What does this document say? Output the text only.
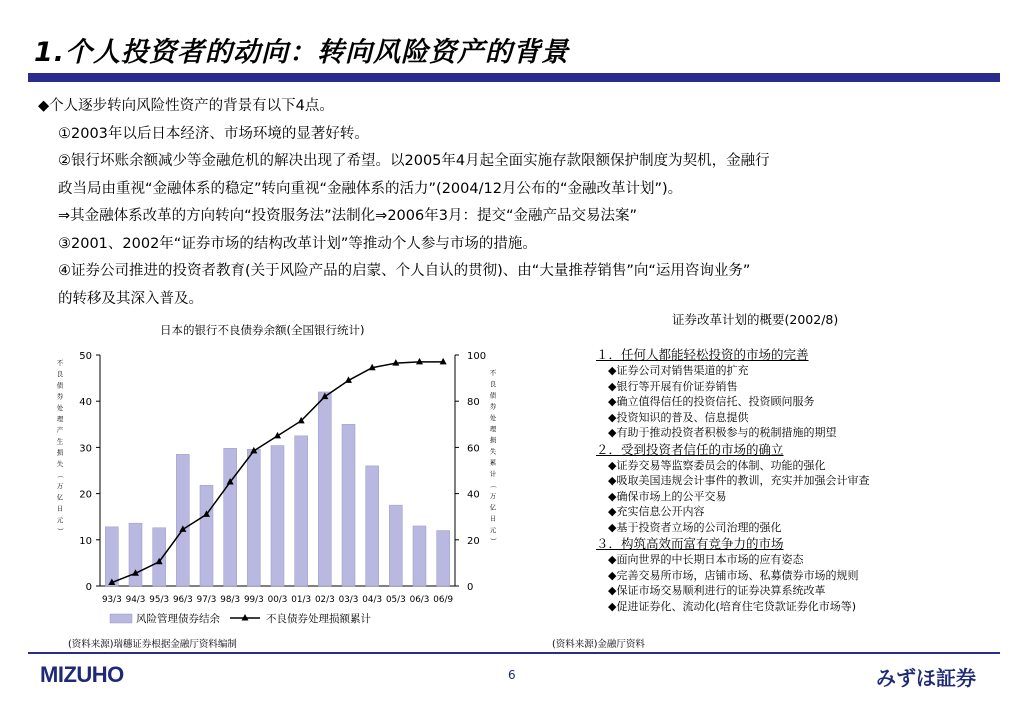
1.个人投资者的动向：转向风险资产的背景
◆个人逐步转向风险性资产的背景有以下4点。
①2003年以后日本经济、市场环境的显著好转。
②银行坏账余额减少等金融危机的解决出现了希望。以2005年4月起全面实施存款限额保护制度为契机，金融行
政当局由重视“金融体系的稳定”转向重视“金融体系的活力”(2004/12月公布的“金融改革计划”)。
⇒其金融体系改革的方向转向“投资服务法”法制化⇒2006年3月：提交“金融产品交易法案”
③2001、2002年“证券市场的结构改革计划”等推动个人参与市场的措施。
④证券公司推进的投资者教育(关于风险产品的启蒙、个人自认的贯彻)、由“大量推荐销售”向“运用咨询业务”
的转移及其深入普及。
日本的银行不良债券余额(全国银行统计)
0
10
20
30
40
50
0
20
40
60
80
100
不
良
债
券
处
理
产
生
损
失
（
万
亿
日
元
）
不
良
债
券
处
理
损
失
累
计
（
万
亿
日
元
）
93/3 94/3 95/3 96/3 97/3 98/3 99/3 00/3 01/3 02/3 03/3 04/3 05/3 06/3 06/9
风险管理债券结余	不良债券处理损额累计
证券改革计划的概要(2002/8)
１．任何人都能轻松投资的市场的完善
◆证券公司对销售渠道的扩充
◆银行等开展有价证券销售
◆确立值得信任的投资信托、投资顾问服务
◆投资知识的普及、信息提供
◆有助于推动投资者积极参与的税制措施的期望
２．受到投资者信任的市场的确立
◆证券交易等监察委员会的体制、功能的强化
◆吸取美国违规会计事件的教训，充实并加强会计审查
◆确保市场上的公平交易
◆充实信息公开内容
◆基于投资者立场的公司治理的强化
３．构筑高效而富有竞争力的市场
◆面向世界的中长期日本市场的应有姿态
◆完善交易所市场，店铺市场、私募债券市场的规则
◆保证市场交易顺利进行的证券决算系统改革
◆促进证券化、流动化(培育住宅贷款证券化市场等)
(资料来源)瑞穗证券根据金融厅资料编制	(资料来源)金融厅资料
MIZUHO	6	みずほ証券
